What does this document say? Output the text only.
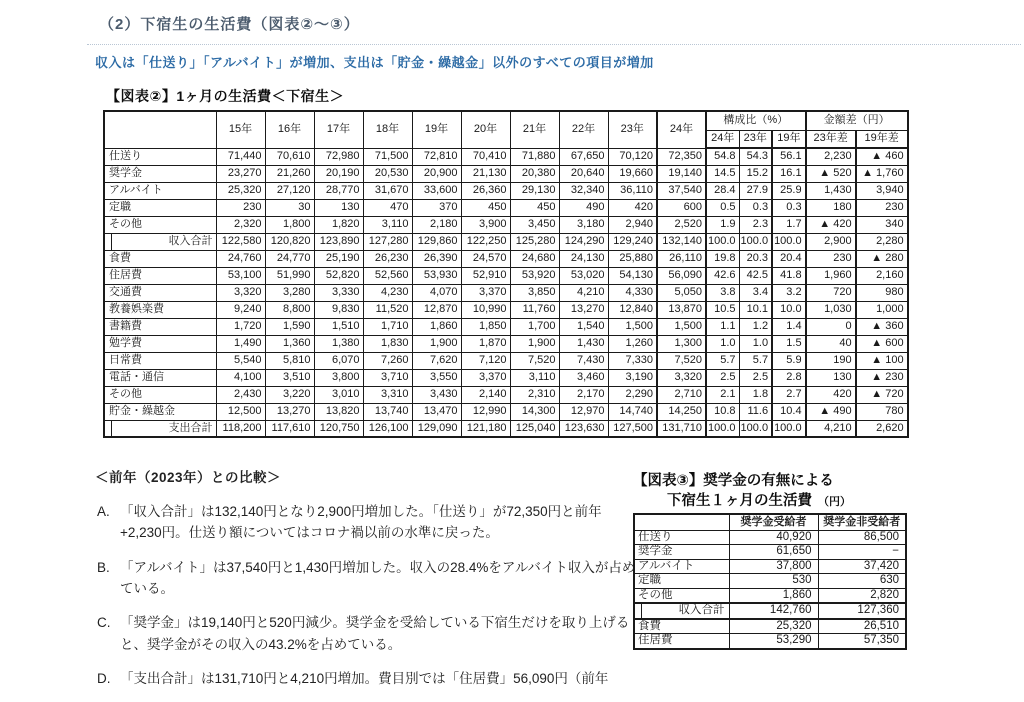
（2）下宿生の生活費（図表②～③）
収入は「仕送り」「アルバイト」が増加、支出は「貯金・繰越金」以外のすべての項目が増加
【図表②】1ヶ月の生活費＜下宿生＞
	15年	16年	17年	18年	19年	20年	21年	22年	23年	24年	構成比（%）			金額差（円）	
											24年	23年	19年	23年差	19年差
仕送り	71,440	70,610	72,980	71,500	72,810	70,410	71,880	67,650	70,120	72,350	54.8	54.3	56.1	2,230	▲ 460
奨学金	23,270	21,260	20,190	20,530	20,900	21,130	20,380	20,640	19,660	19,140	14.5	15.2	16.1	▲ 520	▲ 1,760
アルバイト	25,320	27,120	28,770	31,670	33,600	26,360	29,130	32,340	36,110	37,540	28.4	27.9	25.9	1,430	3,940
定職	230	30	130	470	370	450	450	490	420	600	0.5	0.3	0.3	180	230
その他	2,320	1,800	1,820	3,110	2,180	3,900	3,450	3,180	2,940	2,520	1.9	2.3	1.7	▲ 420	340
収入合計	122,580	120,820	123,890	127,280	129,860	122,250	125,280	124,290	129,240	132,140	100.0	100.0	100.0	2,900	2,280
食費	24,760	24,770	25,190	26,230	26,390	24,570	24,680	24,130	25,880	26,110	19.8	20.3	20.4	230	▲ 280
住居費	53,100	51,990	52,820	52,560	53,930	52,910	53,920	53,020	54,130	56,090	42.6	42.5	41.8	1,960	2,160
交通費	3,320	3,280	3,330	4,230	4,070	3,370	3,850	4,210	4,330	5,050	3.8	3.4	3.2	720	980
教養娯楽費	9,240	8,800	9,830	11,520	12,870	10,990	11,760	13,270	12,840	13,870	10.5	10.1	10.0	1,030	1,000
書籍費	1,720	1,590	1,510	1,710	1,860	1,850	1,700	1,540	1,500	1,500	1.1	1.2	1.4	0	▲ 360
勉学費	1,490	1,360	1,380	1,830	1,900	1,870	1,900	1,430	1,260	1,300	1.0	1.0	1.5	40	▲ 600
日常費	5,540	5,810	6,070	7,260	7,620	7,120	7,520	7,430	7,330	7,520	5.7	5.7	5.9	190	▲ 100
電話・通信	4,100	3,510	3,800	3,710	3,550	3,370	3,110	3,460	3,190	3,320	2.5	2.5	2.8	130	▲ 230
その他	2,430	3,220	3,010	3,310	3,430	2,140	2,310	2,170	2,290	2,710	2.1	1.8	2.7	420	▲ 720
貯金・繰越金	12,500	13,270	13,820	13,740	13,470	12,990	14,300	12,970	14,740	14,250	10.8	11.6	10.4	▲ 490	780
支出合計	118,200	117,610	120,750	126,100	129,090	121,180	125,040	123,630	127,500	131,710	100.0	100.0	100.0	4,210	2,620
＜前年（2023年）との比較＞
A. 「収入合計」は132,140円となり2,900円増加した。「仕送り」が72,350円と前年+2,230円。仕送り額についてはコロナ禍以前の水準に戻った。
B. 「アルバイト」は37,540円と1,430円増加した。収入の28.4%をアルバイト収入が占めている。
C. 「奨学金」は19,140円と520円減少。奨学金を受給している下宿生だけを取り上げると、奨学金がその収入の43.2%を占めている。
D. 「支出合計」は131,710円と4,210円増加。費目別では「住居費」56,090円（前年
【図表③】奨学金の有無による
下宿生１ヶ月の生活費 （円）
	奨学金受給者	奨学金非受給者
仕送り	40,920	86,500
奨学金	61,650	−
アルバイト	37,800	37,420
定職	530	630
その他	1,860	2,820
収入合計	142,760	127,360
食費	25,320	26,510
住居費	53,290	57,350
